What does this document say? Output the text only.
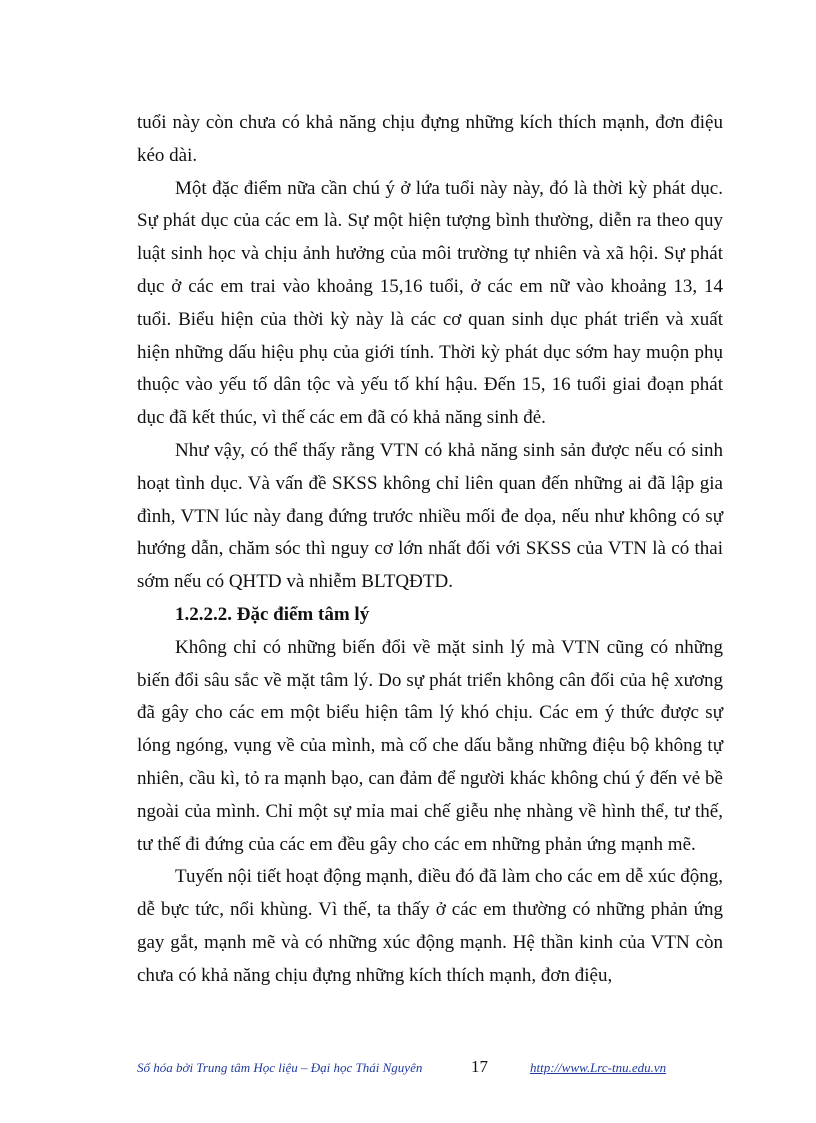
tuổi này còn chưa có khả năng chịu đựng những kích thích mạnh, đơn điệu kéo dài.

Một đặc điểm nữa cần chú ý ở lứa tuổi này này, đó là thời kỳ phát dục. Sự phát dục của các em là. Sự một hiện tượng bình thường, diễn ra theo quy luật sinh học và chịu ảnh hưởng của môi trường tự nhiên và xã hội. Sự phát dục ở các em trai vào khoảng 15,16 tuổi, ở các em nữ vào khoảng 13, 14 tuổi. Biểu hiện của thời kỳ này là các cơ quan sinh dục phát triển và xuất hiện những dấu hiệu phụ của giới tính. Thời kỳ phát dục sớm hay muộn phụ thuộc vào yếu tố dân tộc và yếu tố khí hậu. Đến 15, 16 tuổi giai đoạn phát dục đã kết thúc, vì thế các em đã có khả năng sinh đẻ.

Như vậy, có thể thấy rằng VTN có khả năng sinh sản được nếu có sinh hoạt tình dục. Và vấn đề SKSS không chỉ liên quan đến những ai đã lập gia đình, VTN lúc này đang đứng trước nhiều mối đe dọa, nếu như không có sự hướng dẫn, chăm sóc thì nguy cơ lớn nhất đối với SKSS của VTN là có thai sớm nếu có QHTD và nhiễm BLTQĐTD.

1.2.2.2. Đặc điểm tâm lý

Không chỉ có những biến đổi về mặt sinh lý mà VTN cũng có những biến đổi sâu sắc về mặt tâm lý. Do sự phát triển không cân đối của hệ xương đã gây cho các em một biểu hiện tâm lý khó chịu. Các em ý thức được sự lóng ngóng, vụng về của mình, mà cố che dấu bằng những điệu bộ không tự nhiên, cầu kì, tỏ ra mạnh bạo, can đảm để người khác không chú ý đến vẻ bề ngoài của mình. Chỉ một sự mỉa mai chế giễu nhẹ nhàng về hình thể, tư thế, tư thế đi đứng của các em đều gây cho các em những phản ứng mạnh mẽ.

Tuyến nội tiết hoạt động mạnh, điều đó đã làm cho các em dễ xúc động, dễ bực tức, nổi khùng. Vì thế, ta thấy ở các em thường có những phản ứng gay gắt, mạnh mẽ và có những xúc động mạnh. Hệ thần kinh của VTN còn chưa có khả năng chịu đựng những kích thích mạnh, đơn điệu,

Số hóa bởi Trung tâm Học liệu – Đại học Thái Nguyên	17	http://www.Lrc-tnu.edu.vn
